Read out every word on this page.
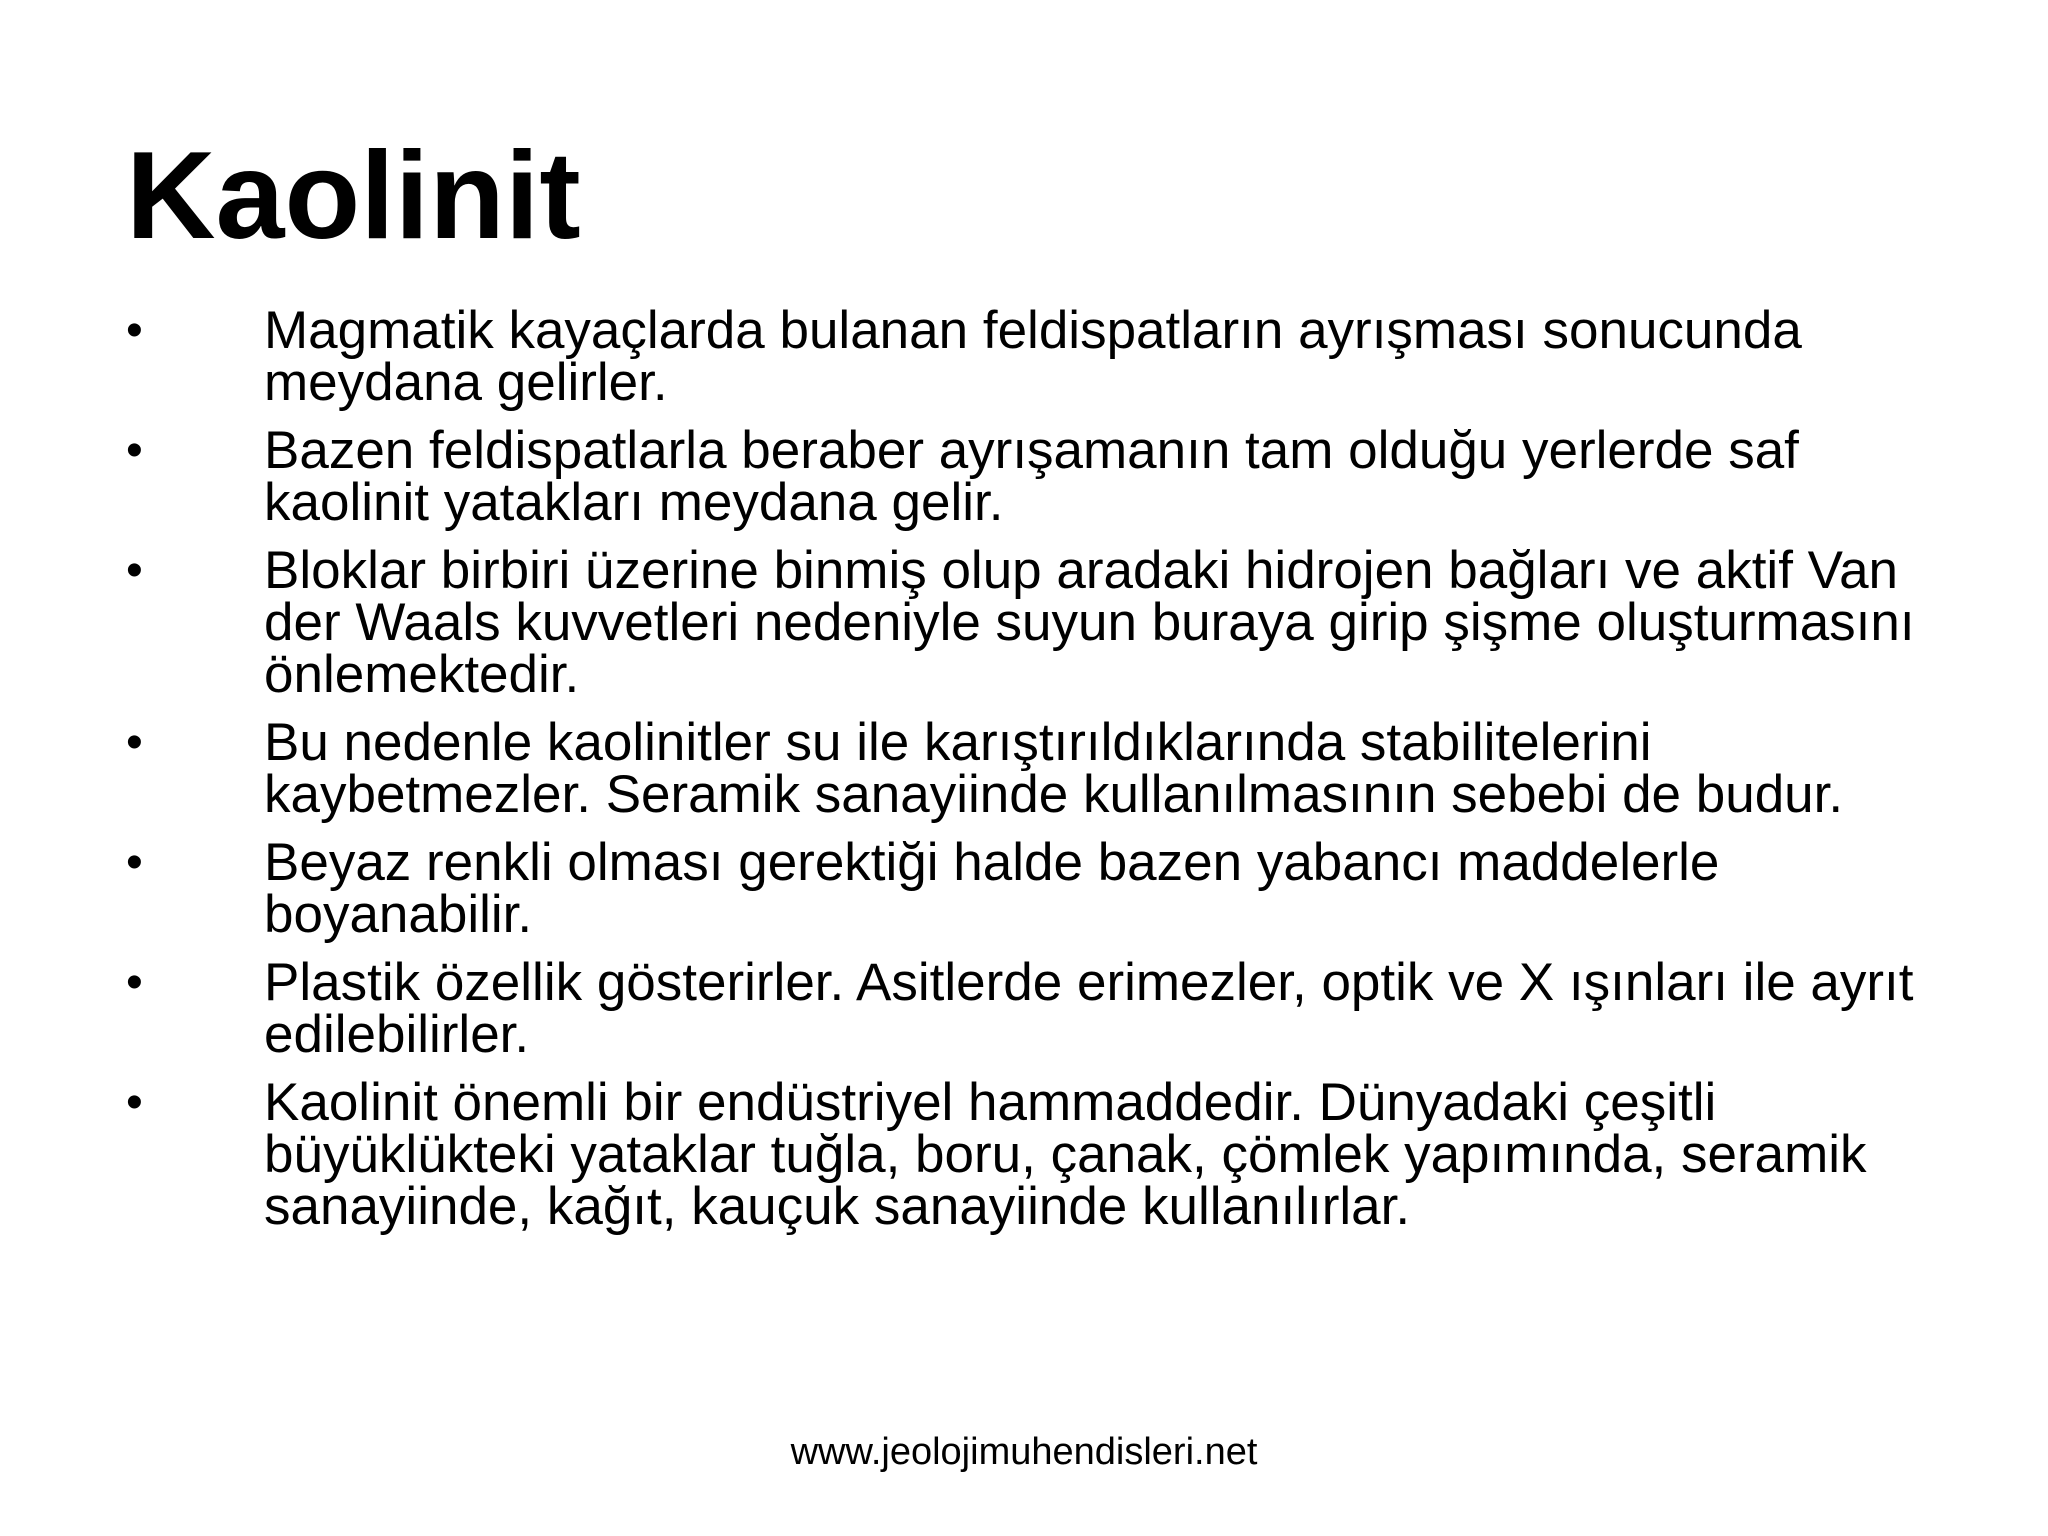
Kaolinit
• Magmatik kayaçlarda bulanan feldispatların ayrışması sonucunda meydana gelirler.
• Bazen feldispatlarla beraber ayrışamanın tam olduğu yerlerde saf kaolinit yatakları meydana gelir.
• Bloklar birbiri üzerine binmiş olup aradaki hidrojen bağları ve aktif Van der Waals kuvvetleri nedeniyle suyun buraya girip şişme oluşturmasını önlemektedir.
• Bu nedenle kaolinitler su ile karıştırıldıklarında stabilitelerini kaybetmezler. Seramik sanayiinde kullanılmasının sebebi de budur.
• Beyaz renkli olması gerektiği halde bazen yabancı maddelerle boyanabilir.
• Plastik özellik gösterirler. Asitlerde erimezler, optik ve X ışınları ile ayrıt edilebilirler.
• Kaolinit önemli bir endüstriyel hammaddedir. Dünyadaki çeşitli büyüklükteki yataklar tuğla, boru, çanak, çömlek yapımında, seramik sanayiinde, kağıt, kauçuk sanayiinde kullanılırlar.
www.jeolojimuhendisleri.net
